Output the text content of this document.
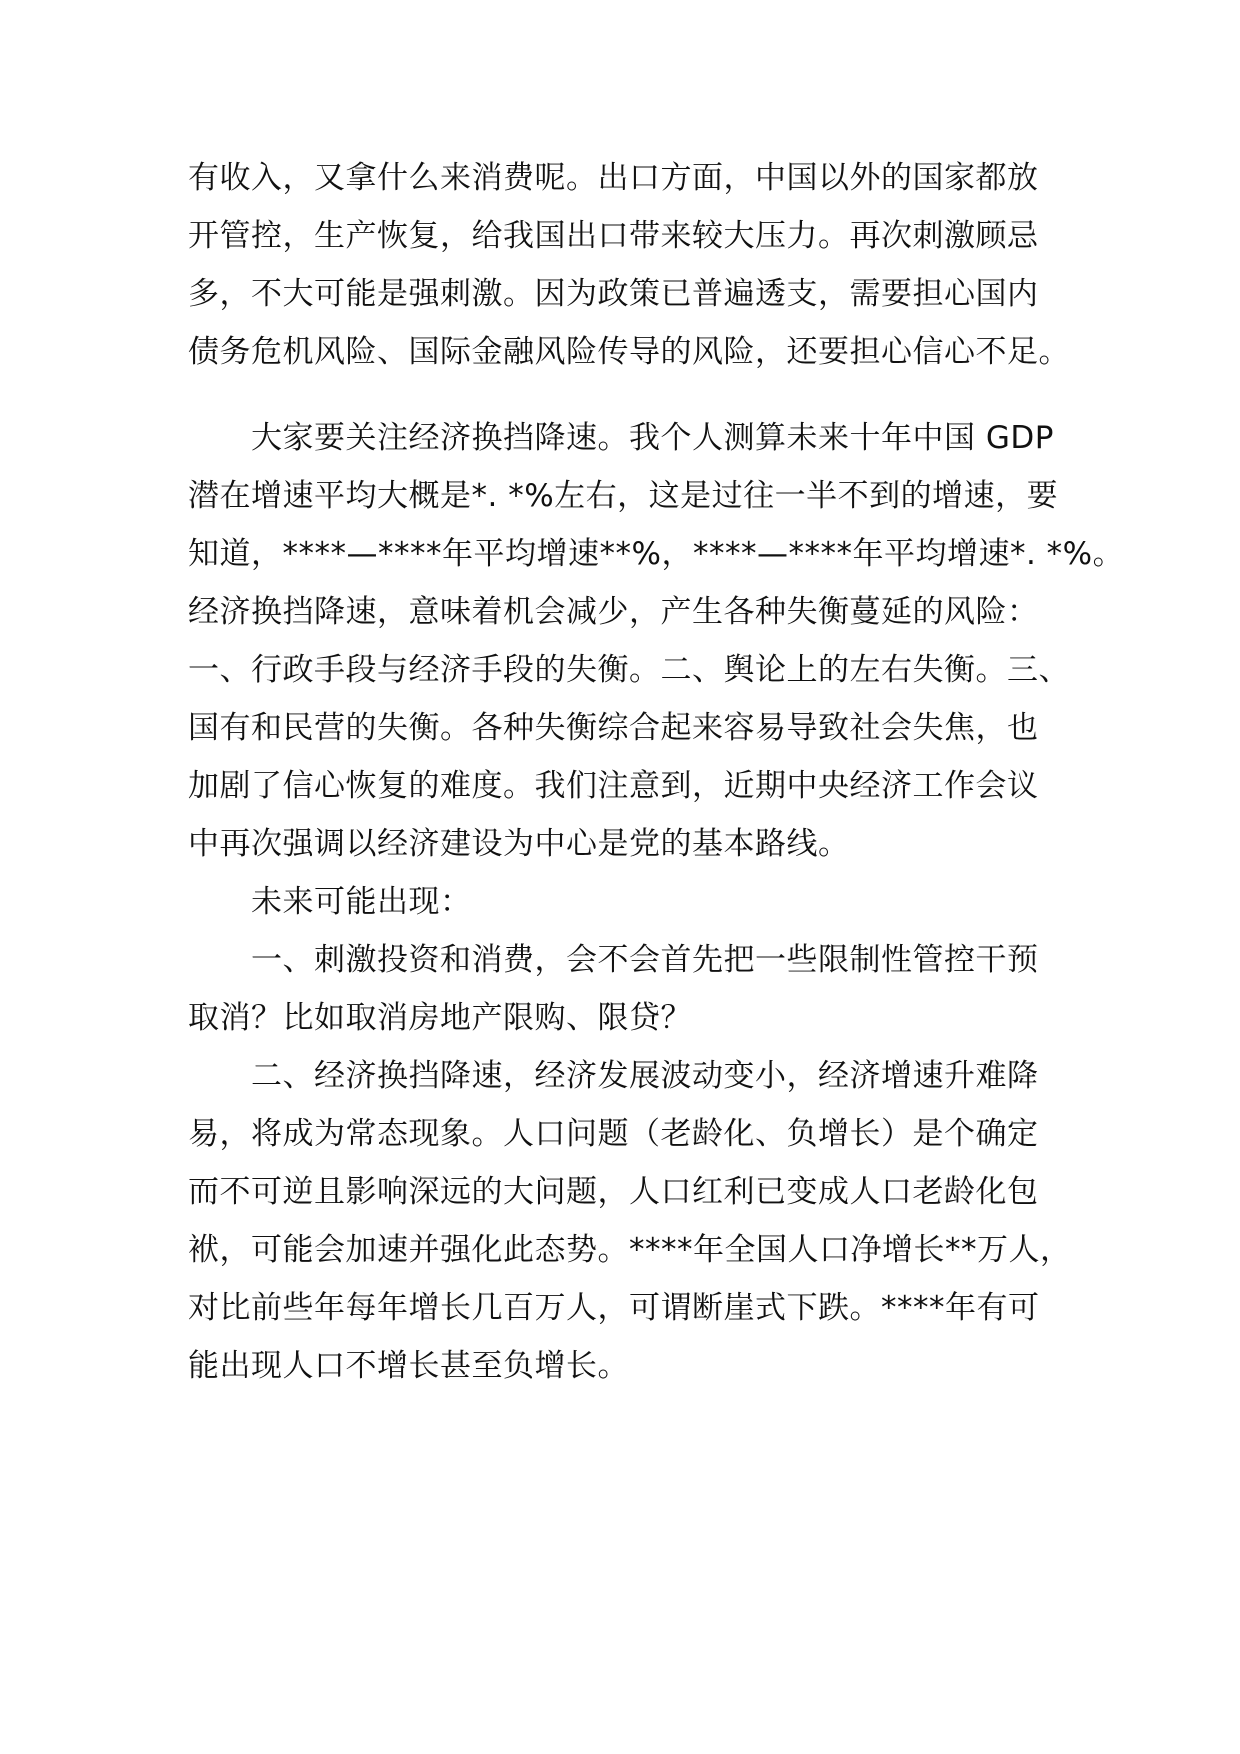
有收入，又拿什么来消费呢。出口方面，中国以外的国家都放
开管控，生产恢复，给我国出口带来较大压力。再次刺激顾忌
多，不大可能是强刺激。因为政策已普遍透支，需要担心国内
债务危机风险、国际金融风险传导的风险，还要担心信心不足。
大家要关注经济换挡降速。我个人测算未来十年中国 GDP
潜在增速平均大概是*. *%左右，这是过往一半不到的增速，要
知道，****—****年平均增速**%，****—****年平均增速*. *%。
经济换挡降速，意味着机会减少，产生各种失衡蔓延的风险：
一、行政手段与经济手段的失衡。二、舆论上的左右失衡。三、
国有和民营的失衡。各种失衡综合起来容易导致社会失焦，也
加剧了信心恢复的难度。我们注意到，近期中央经济工作会议
中再次强调以经济建设为中心是党的基本路线。
未来可能出现：
一、刺激投资和消费，会不会首先把一些限制性管控干预
取消？比如取消房地产限购、限贷？
二、经济换挡降速，经济发展波动变小，经济增速升难降
易，将成为常态现象。人口问题（老龄化、负增长）是个确定
而不可逆且影响深远的大问题，人口红利已变成人口老龄化包
袱，可能会加速并强化此态势。****年全国人口净增长**万人，
对比前些年每年增长几百万人，可谓断崖式下跌。****年有可
能出现人口不增长甚至负增长。
